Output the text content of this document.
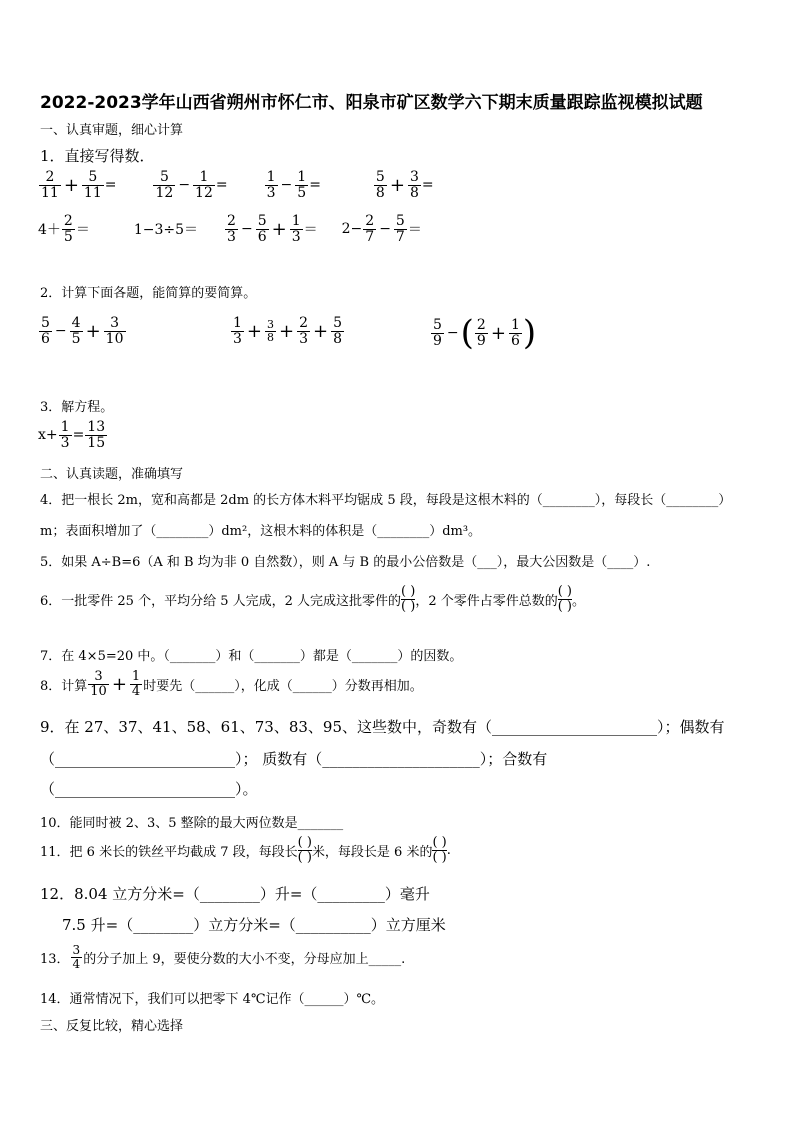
2022-2023学年山西省朔州市怀仁市、阳泉市矿区数学六下期末质量跟踪监视模拟试题
一、认真审题，细心计算
1．直接写得数．
$\frac{2}{11} + \frac{5}{11}$ =	$\frac{5}{12} - \frac{1}{12}$ =	$\frac{1}{3} - \frac{1}{5}$ =	$\frac{5}{8} + \frac{3}{8}$ =
$4+ \frac{2}{5}$ ＝	$1-3\div 5= \frac{2}{3} - \frac{5}{6} + \frac{1}{3} = 2- \frac{2}{7} - \frac{5}{7}$ ＝
2．计算下面各题，能简算的要简算。
$\frac{5}{6} - \frac{4}{5} + \frac{3}{10}$	$\frac{1}{3} + \frac{3}{8} + \frac{2}{3} + \frac{5}{8}$	$\frac{5}{9}$ − ( $\frac{2}{9} + \frac{1}{6}$ )
3．解方程。
$x+ \frac{1}{3} = \frac{13}{15}$
二、认真读题，准确填写
4．把一根长 2m，宽和高都是 2dm 的长方体木料平均锯成 5 段，每段是这根木料的（________），每段长（________）
m；表面积增加了（________）dm²，这根木料的体积是（________）dm³。
5．如果 A÷B=6（A 和 B 均为非 0 自然数），则 A 与 B 的最小公倍数是（___），最大公因数是（____）.
6．一批零件 25 个，平均分给 5 人完成，2 人完成这批零件的 $\frac{( )}{( )}$ ，2 个零件占零件总数的 $\frac{( )}{( )}$ 。
7．在 4×5=20 中。（_______）和（_______）都是（_______）的因数。
8．计算 $\frac{3}{10} + \frac{1}{4}$ 时要先（______），化成（______）分数再相加。
9．在 27、37、41、58、61、73、83、95、这些数中，奇数有（______________________）；偶数有
（________________________）； 质数有（_____________________）；合数有
（________________________）。
10．能同时被 2、3、5 整除的最大两位数是_______
11．把 6 米长的铁丝平均截成 7 段，每段长 $\frac{( )}{( )}$ 米，每段长是 6 米的 $\frac{( )}{( )}$ .
12．8.04 立方分米=（________）升=（_________）毫升
7.5 升=（________）立方分米=（__________）立方厘米
13． $\frac{3}{4}$ 的分子加上 9，要使分数的大小不变，分母应加上_____.
14．通常情况下，我们可以把零下 4℃记作（______）℃。
三、反复比较，精心选择
